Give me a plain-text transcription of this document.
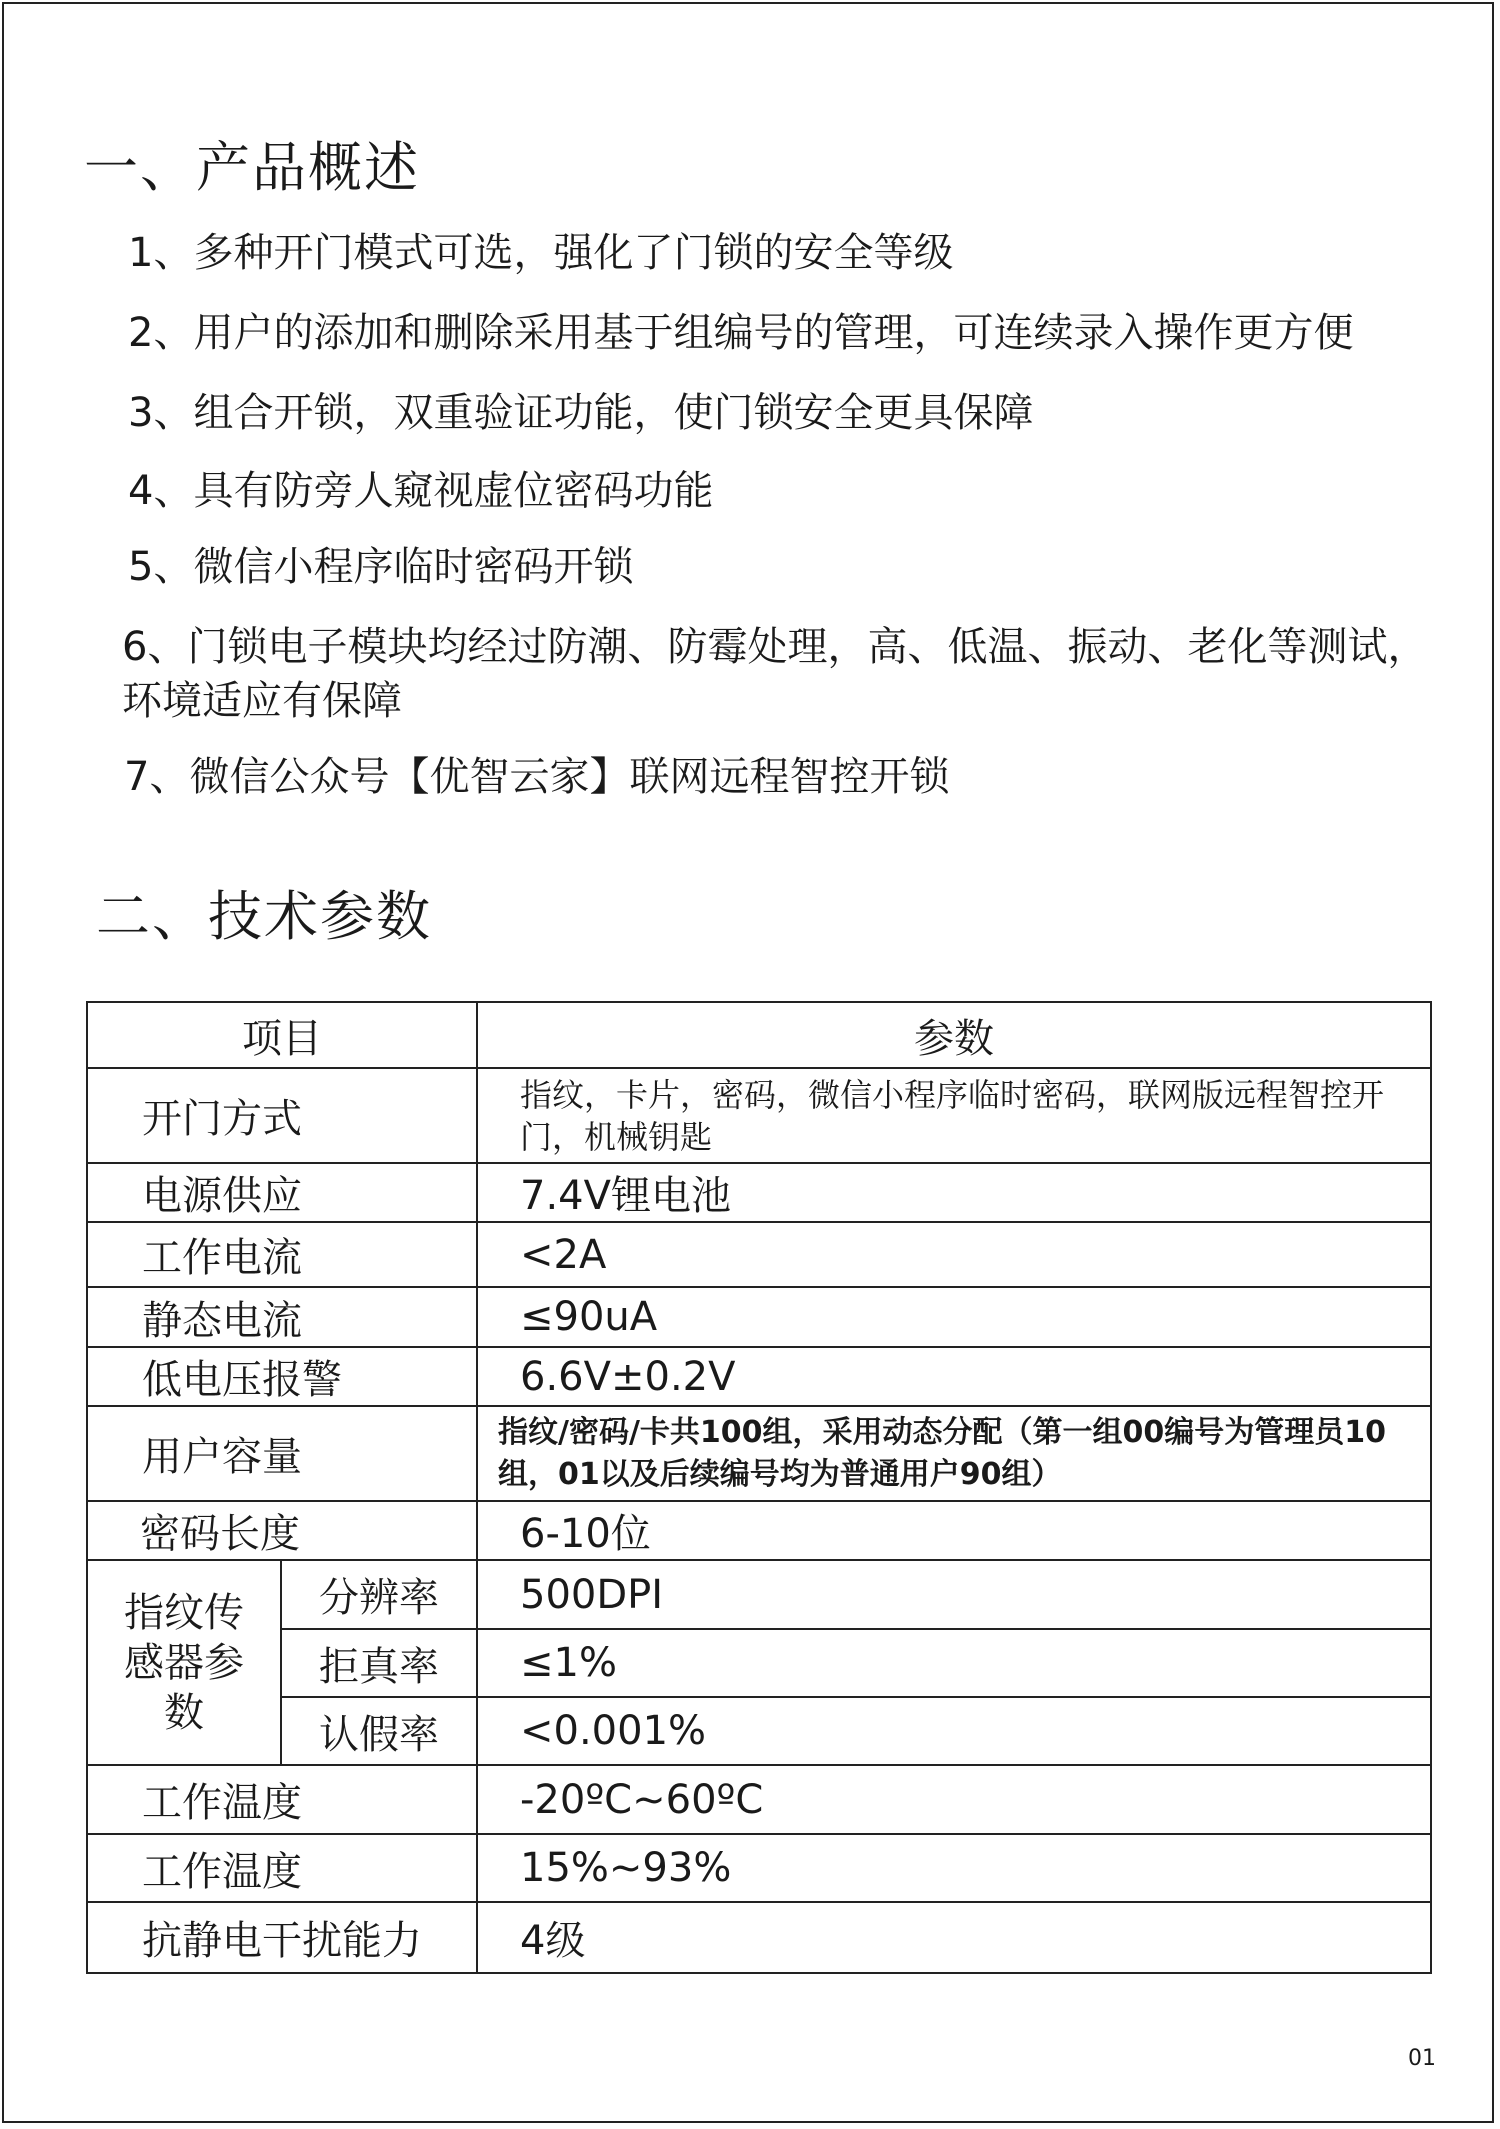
一、产品概述

1、多种开门模式可选，强化了门锁的安全等级

2、用户的添加和删除采用基于组编号的管理，可连续录入操作更方便

3、组合开锁，双重验证功能，使门锁安全更具保障

4、具有防旁人窥视虚位密码功能

5、微信小程序临时密码开锁

6、门锁电子模块均经过防潮、防霉处理，高、低温、振动、老化等测试，环境适应有保障

7、微信公众号【优智云家】联网远程智控开锁

二、技术参数
项目		参数
开门方式		指纹，卡片，密码，微信小程序临时密码，联网版远程智控开门，机械钥匙
电源供应		7.4V锂电池
工作电流		<2A
静态电流		≤90uA
低电压报警		6.6V±0.2V
用户容量		指纹/密码/卡共100组，采用动态分配（第一组00编号为管理员10组，01以及后续编号均为普通用户90组）
密码长度		6-10位
指纹传感器参数	分辨率	500DPI
	拒真率	≤1%
	认假率	<0.001%
工作温度		-20ºC~60ºC
工作温度		15%~93%
抗静电干扰能力		4级
01
